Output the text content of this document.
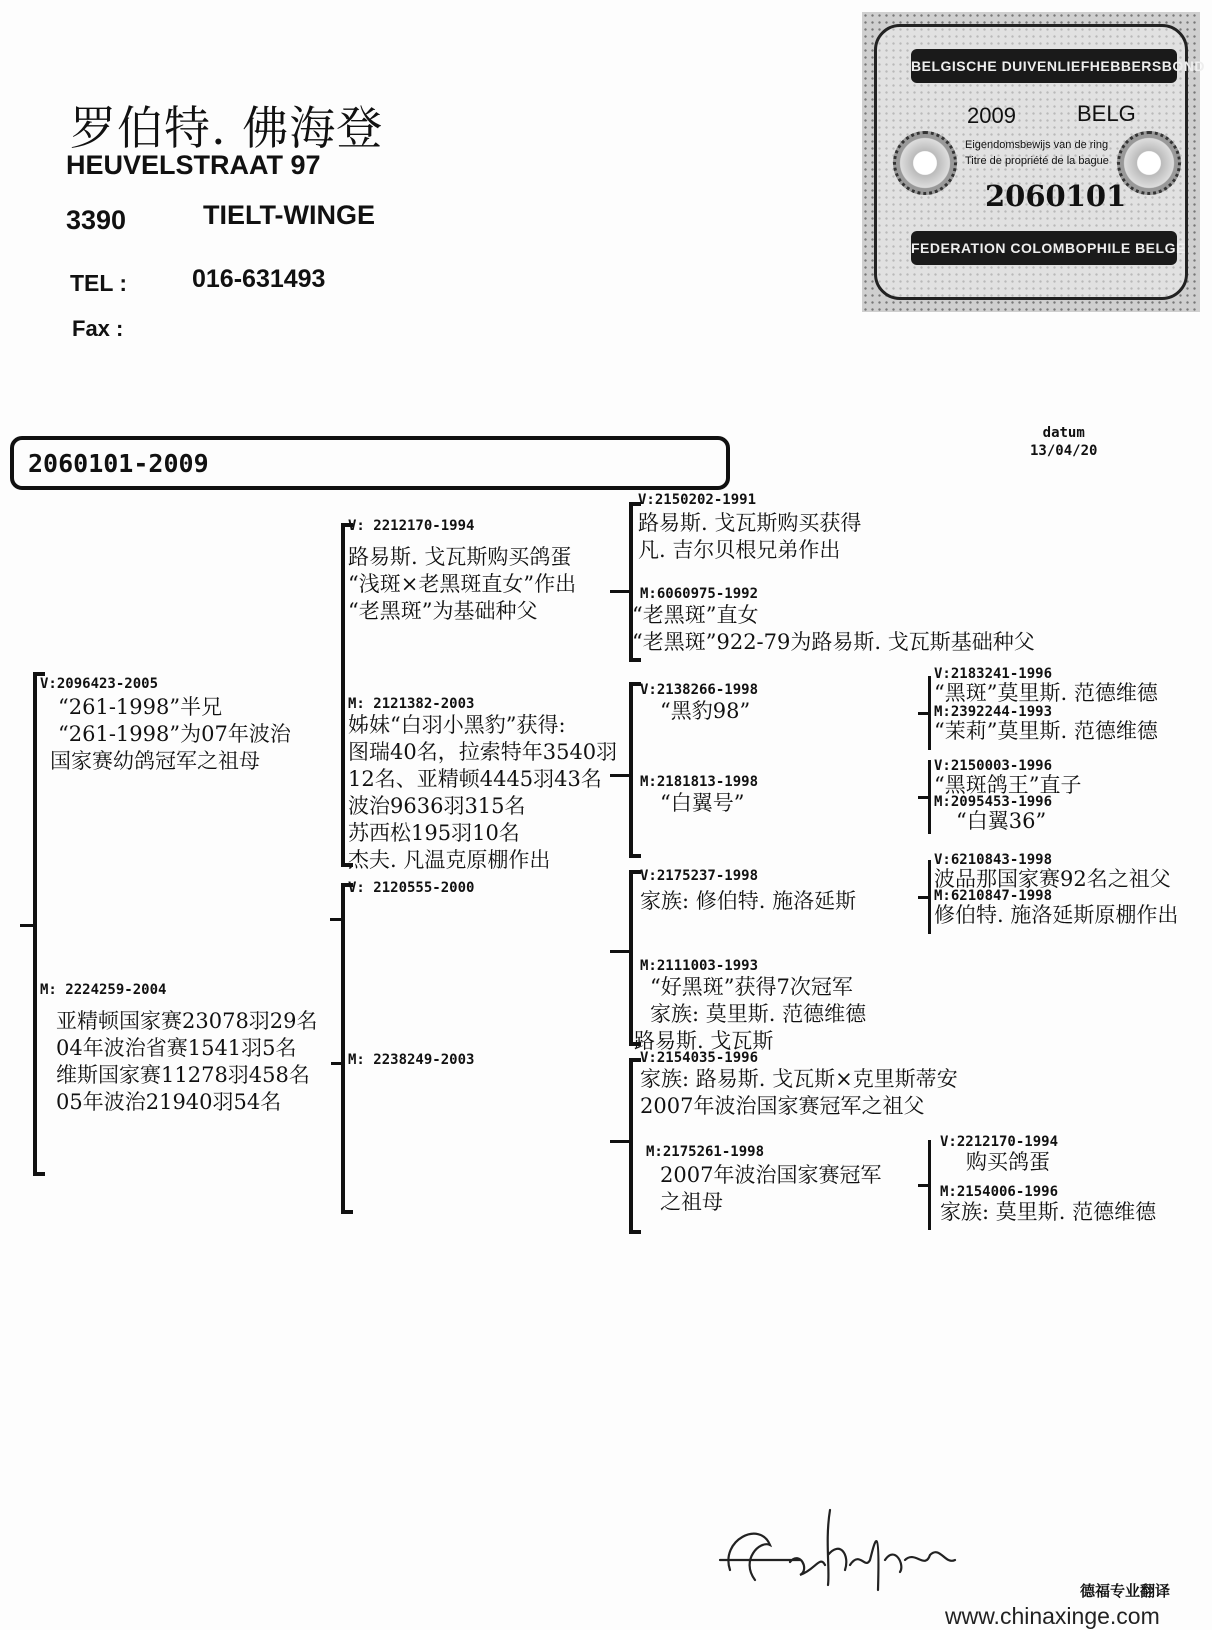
罗伯特. 佛海登
HEUVELSTRAAT 97
3390	TIELT-WINGE
TEL :	016-631493
Fax :
BELGISCHE DUIVENLIEFHEBBERSBOND
2009	BELG
Eigendomsbewijs van de ring
Titre de propriété de la bague
2060101
FEDERATION COLOMBOPHILE BELGE
2060101-2009
datum
13/04/20
V:2096423-2005
“261-1998”半兄
“261-1998”为07年波治
国家赛幼鸽冠军之祖母
M: 2224259-2004
亚精顿国家赛23078羽29名
04年波治省赛1541羽5名
维斯国家赛11278羽458名
05年波治21940羽54名
V: 2212170-1994
路易斯. 戈瓦斯购买鸽蛋
“浅斑×老黑斑直女”作出
“老黑斑”为基础种父
M: 2121382-2003
姊妹“白羽小黑豹”获得:
图瑞40名，拉索特年3540羽
12名、亚精顿4445羽43名
波治9636羽315名
苏西松195羽10名
杰夫. 凡温克原棚作出
V: 2120555-2000
M: 2238249-2003
V:2150202-1991
路易斯. 戈瓦斯购买获得
凡. 吉尔贝根兄弟作出
M:6060975-1992
“老黑斑”直女
“老黑斑”922-79为路易斯. 戈瓦斯基础种父
V:2138266-1998
“黑豹98”
M:2181813-1998
“白翼号”
V:2175237-1998
家族: 修伯特. 施洛延斯
M:2111003-1993
“好黑斑”获得7次冠军
家族: 莫里斯. 范德维德
路易斯. 戈瓦斯
V:2154035-1996
家族: 路易斯. 戈瓦斯×克里斯蒂安
2007年波治国家赛冠军之祖父
M:2175261-1998
2007年波治国家赛冠军
之祖母
V:2183241-1996
“黑斑”莫里斯. 范德维德
M:2392244-1993
“茉莉”莫里斯. 范德维德
V:2150003-1996
“黑斑鸽王”直子
M:2095453-1996
“白翼36”
V:6210843-1998
波品那国家赛92名之祖父
M:6210847-1998
修伯特. 施洛延斯原棚作出
V:2212170-1994
购买鸽蛋
M:2154006-1996
家族: 莫里斯. 范德维德
德福专业翻译
www.chinaxinge.com
